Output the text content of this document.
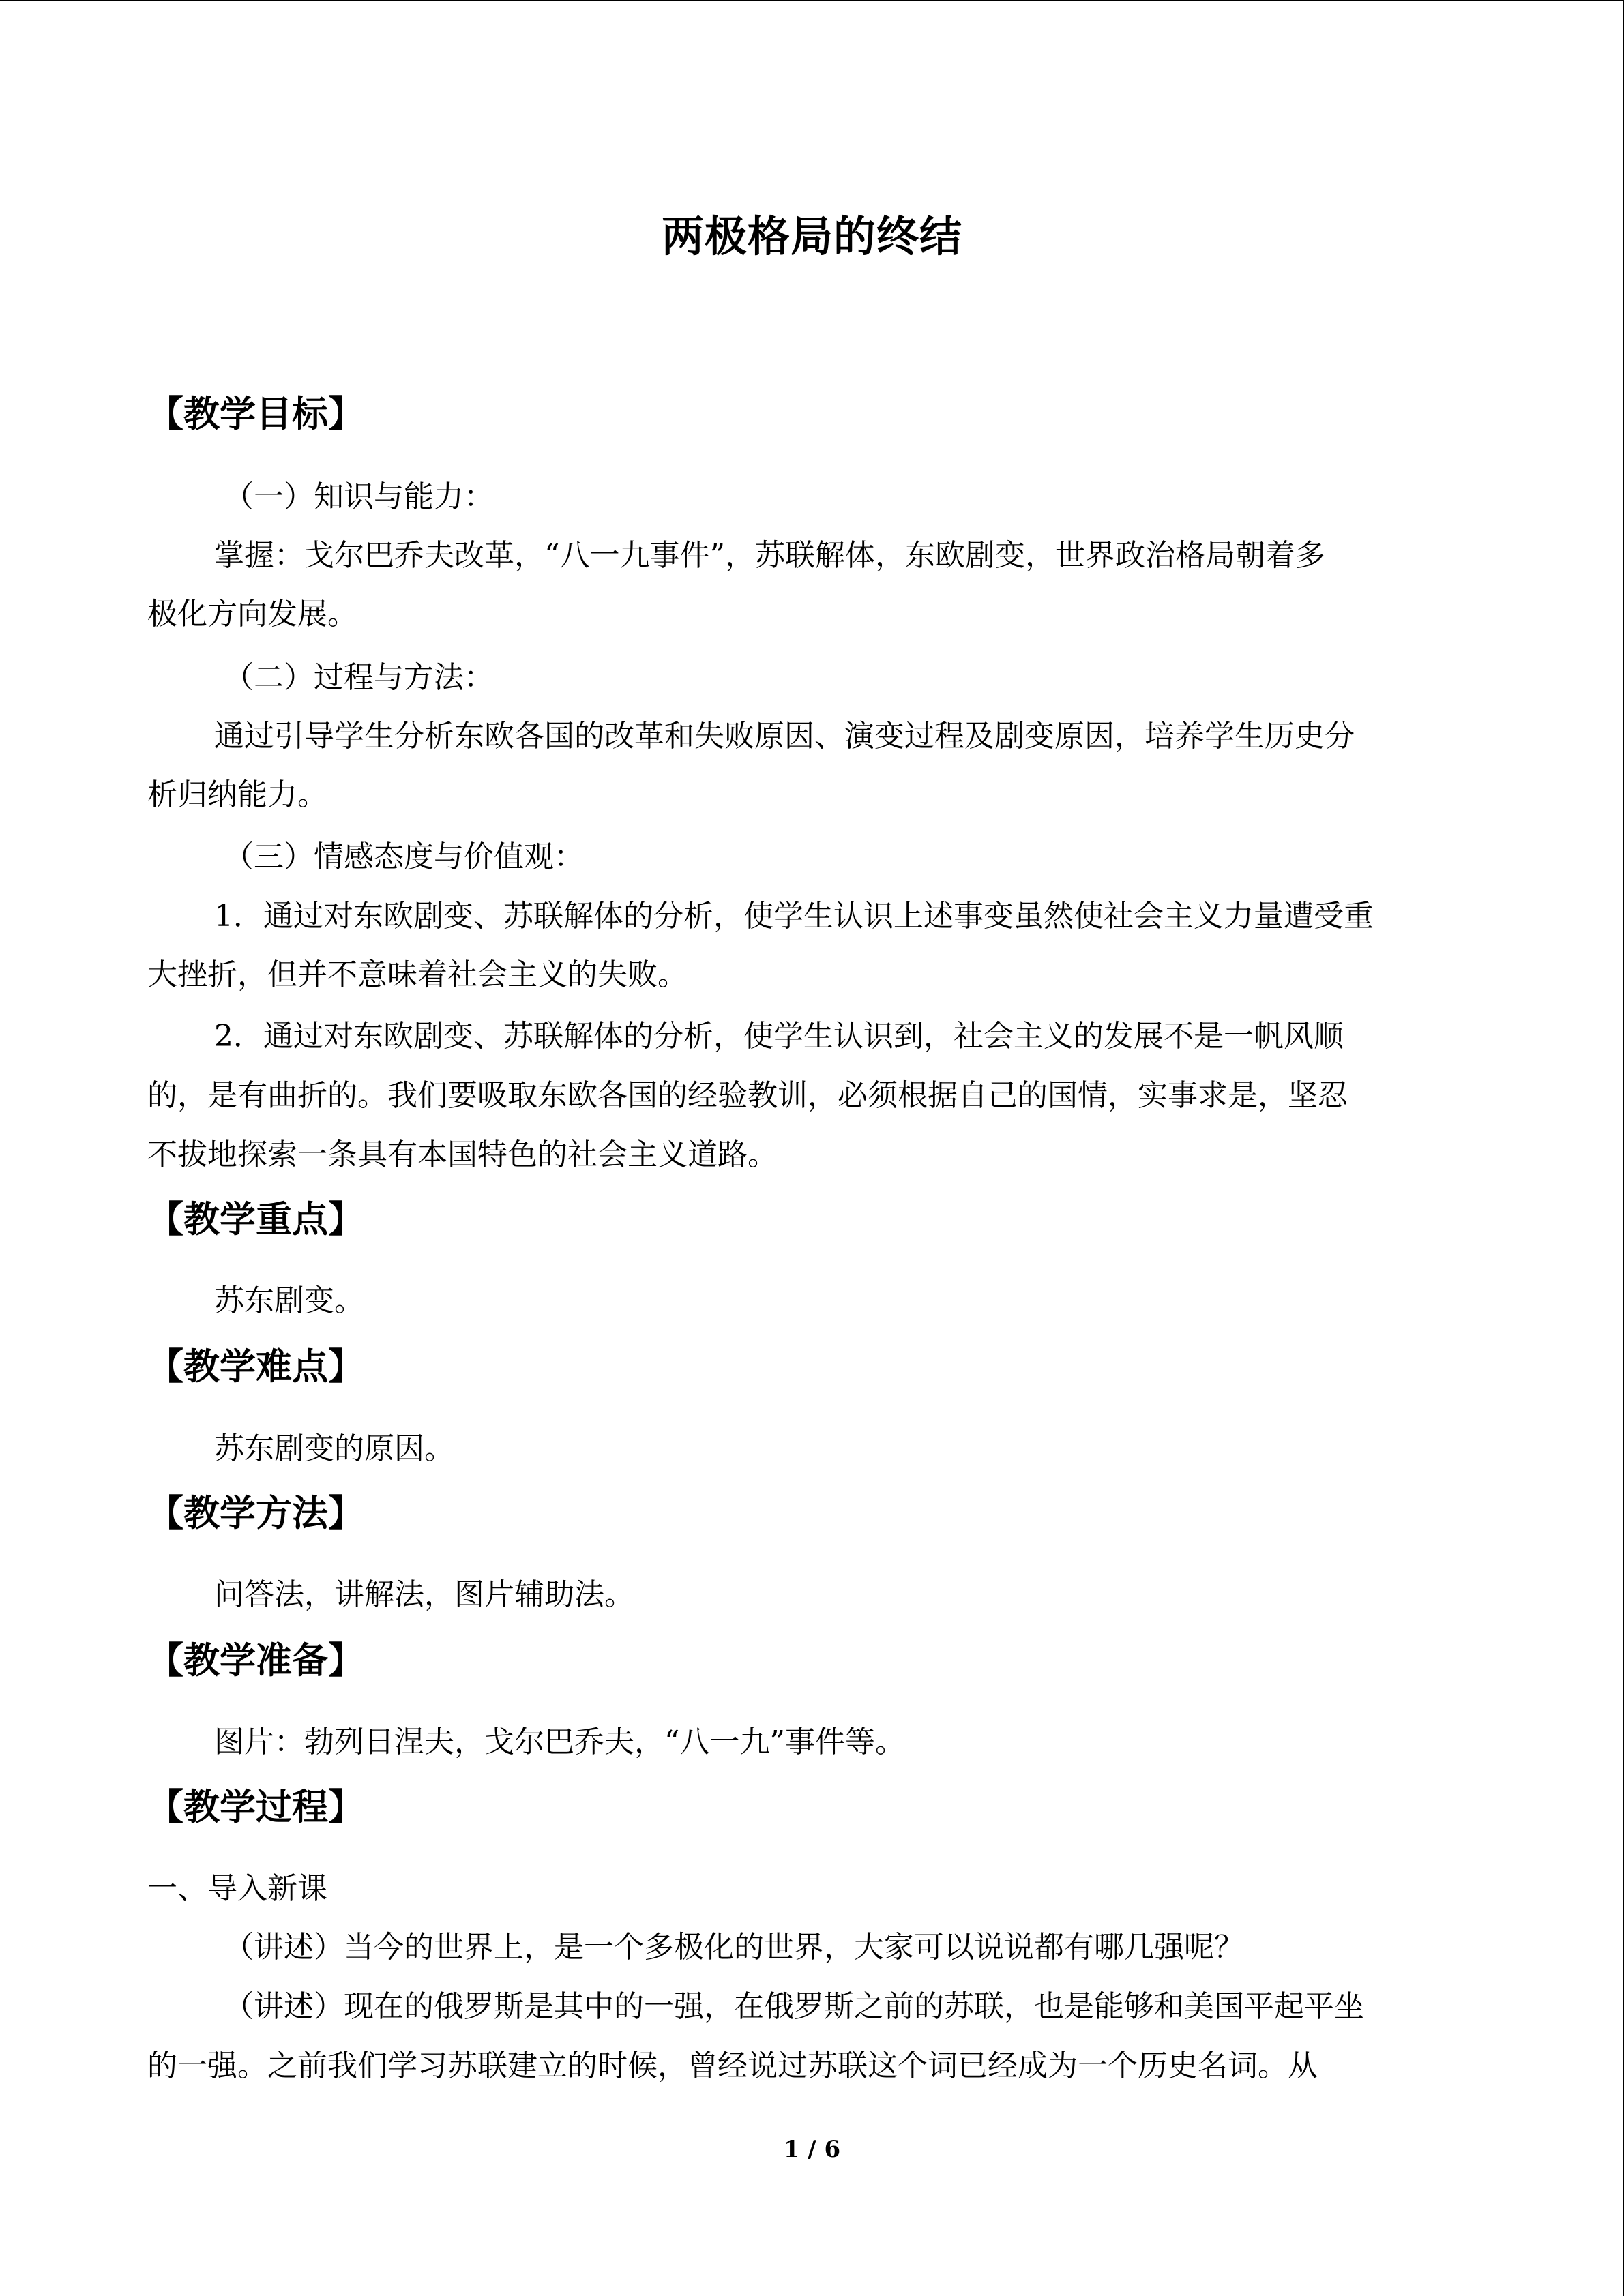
两极格局的终结
【教学目标】
（一）知识与能力：
掌握：戈尔巴乔夫改革，“八一九事件”，苏联解体，东欧剧变，世界政治格局朝着多
极化方向发展。
（二）过程与方法：
通过引导学生分析东欧各国的改革和失败原因、演变过程及剧变原因，培养学生历史分
析归纳能力。
（三）情感态度与价值观：
1．通过对东欧剧变、苏联解体的分析，使学生认识上述事变虽然使社会主义力量遭受重
大挫折，但并不意味着社会主义的失败。
2．通过对东欧剧变、苏联解体的分析，使学生认识到，社会主义的发展不是一帆风顺
的，是有曲折的。我们要吸取东欧各国的经验教训，必须根据自己的国情，实事求是，坚忍
不拔地探索一条具有本国特色的社会主义道路。
【教学重点】
苏东剧变。
【教学难点】
苏东剧变的原因。
【教学方法】
问答法，讲解法，图片辅助法。
【教学准备】
图片：勃列日涅夫，戈尔巴乔夫，“八一九”事件等。
【教学过程】
一、导入新课
（讲述）当今的世界上，是一个多极化的世界，大家可以说说都有哪几强呢？
（讲述）现在的俄罗斯是其中的一强，在俄罗斯之前的苏联，也是能够和美国平起平坐
的一强。之前我们学习苏联建立的时候，曾经说过苏联这个词已经成为一个历史名词。从
1 / 6
